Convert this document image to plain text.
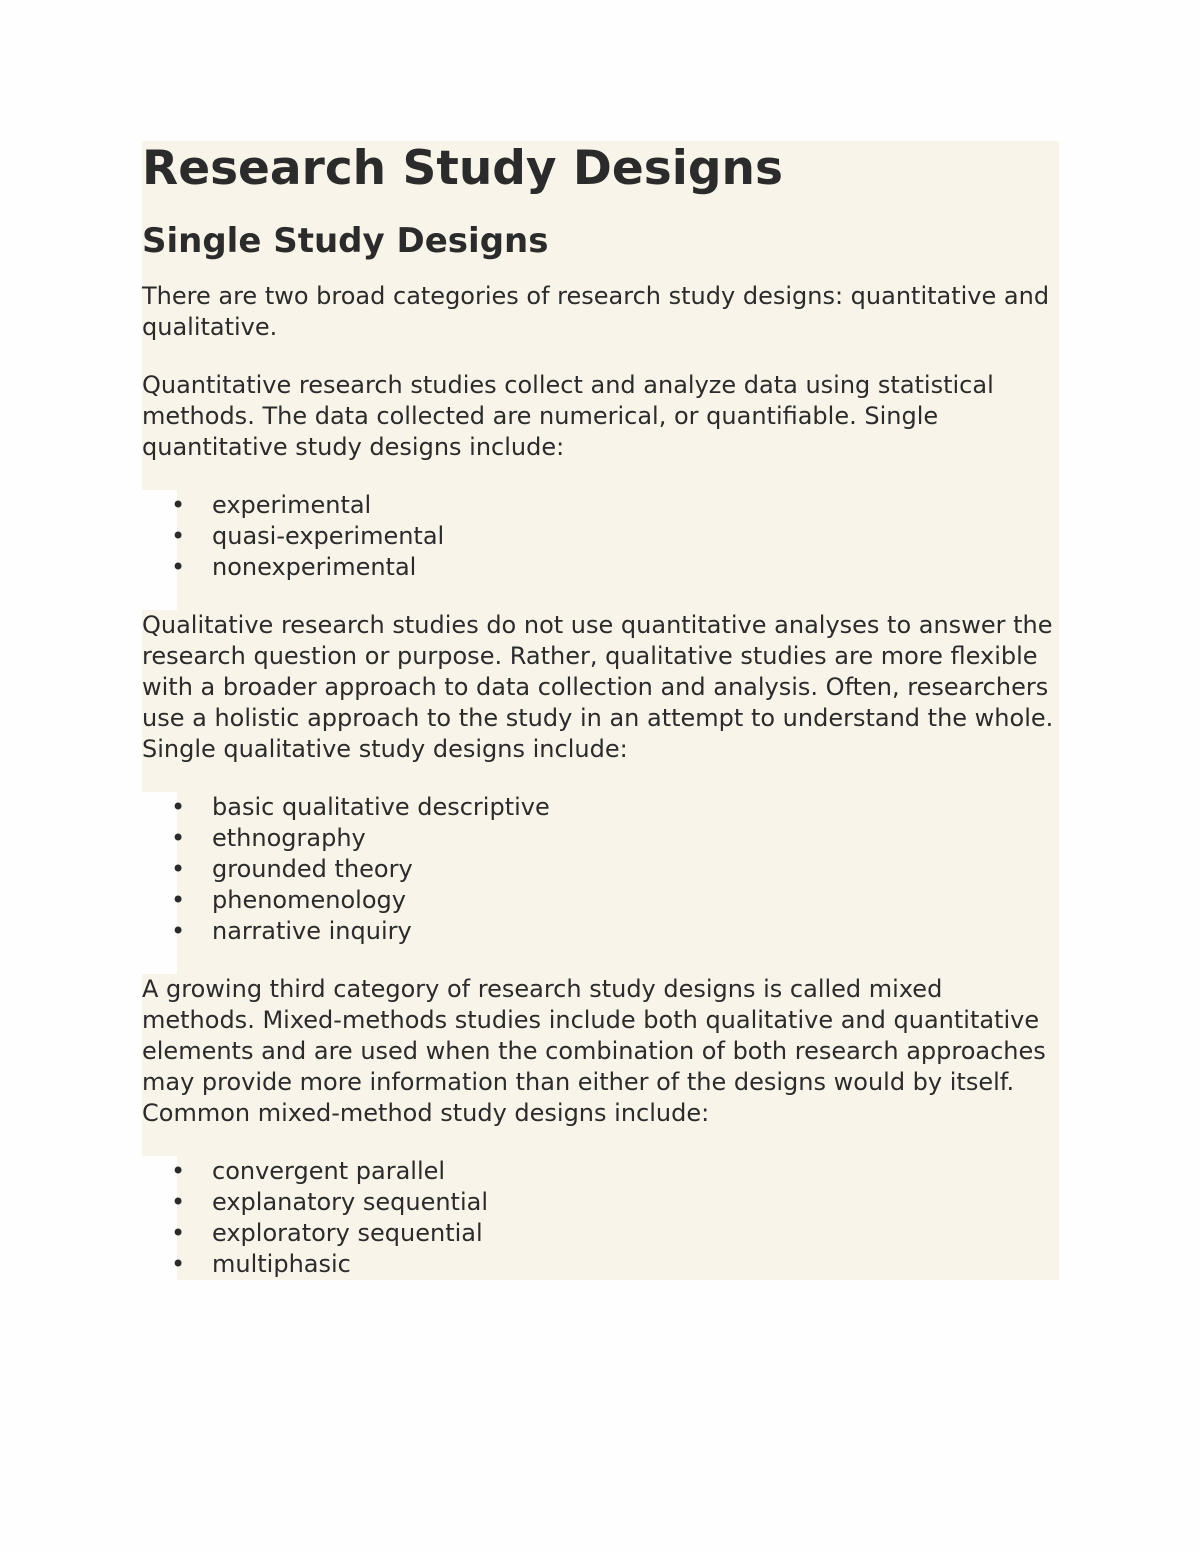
Research Study Designs
Single Study Designs

There are two broad categories of research study designs: quantitative and qualitative.

Quantitative research studies collect and analyze data using statistical methods. The data collected are numerical, or quantifiable. Single quantitative study designs include:

• experimental
• quasi-experimental
• nonexperimental

Qualitative research studies do not use quantitative analyses to answer the research question or purpose. Rather, qualitative studies are more flexible with a broader approach to data collection and analysis. Often, researchers use a holistic approach to the study in an attempt to understand the whole. Single qualitative study designs include:

• basic qualitative descriptive
• ethnography
• grounded theory
• phenomenology
• narrative inquiry

A growing third category of research study designs is called mixed methods. Mixed-methods studies include both qualitative and quantitative elements and are used when the combination of both research approaches may provide more information than either of the designs would by itself. Common mixed-method study designs include:

• convergent parallel
• explanatory sequential
• exploratory sequential
• multiphasic
